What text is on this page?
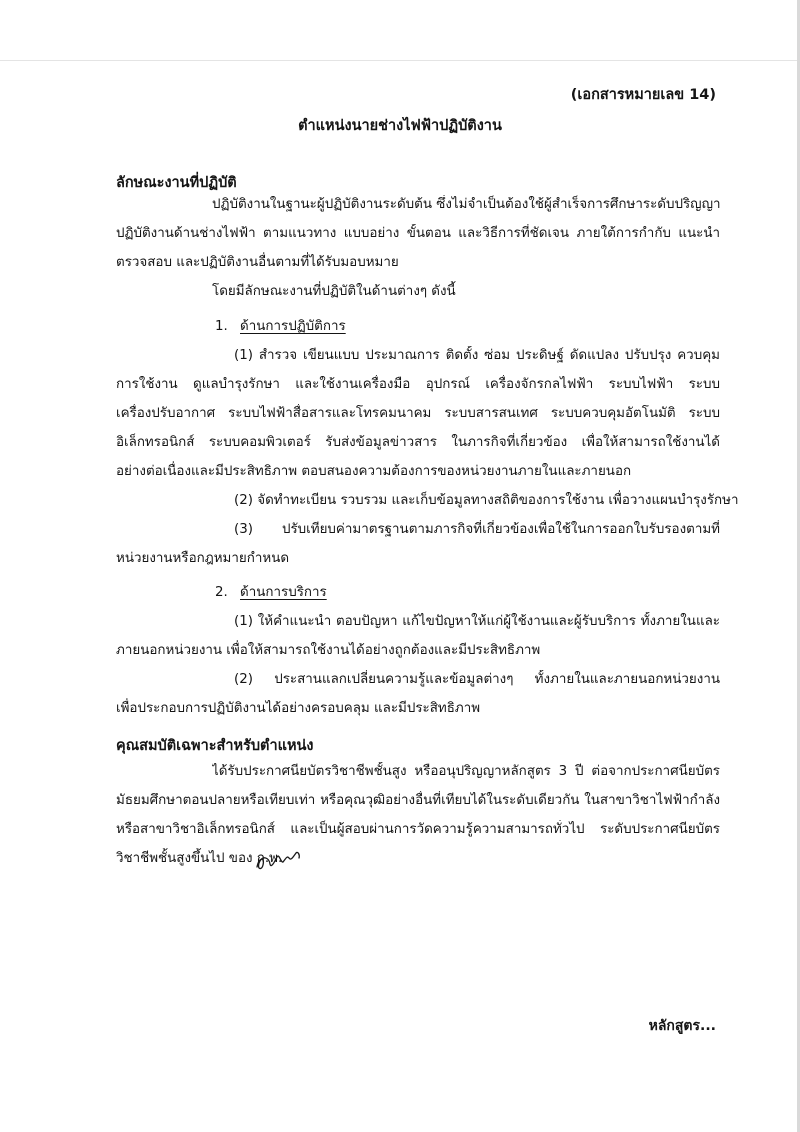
(เอกสารหมายเลข 14)
ตำแหน่งนายช่างไฟฟ้าปฏิบัติงาน
ลักษณะงานที่ปฏิบัติ
ปฏิบัติงานในฐานะผู้ปฏิบัติงานระดับต้น ซึ่งไม่จำเป็นต้องใช้ผู้สำเร็จการศึกษาระดับปริญญา
ปฏิบัติงานด้านช่างไฟฟ้า ตามแนวทาง แบบอย่าง ขั้นตอน และวิธีการที่ชัดเจน ภายใต้การกำกับ แนะนำ
ตรวจสอบ และปฏิบัติงานอื่นตามที่ได้รับมอบหมาย
โดยมีลักษณะงานที่ปฏิบัติในด้านต่างๆ ดังนี้
1. ด้านการปฏิบัติการ
(1) สำรวจ เขียนแบบ ประมาณการ ติดตั้ง ซ่อม ประดิษฐ์ ดัดแปลง ปรับปรุง ควบคุม
การใช้งาน ดูแลบำรุงรักษา และใช้งานเครื่องมือ อุปกรณ์ เครื่องจักรกลไฟฟ้า ระบบไฟฟ้า ระบบ
เครื่องปรับอากาศ ระบบไฟฟ้าสื่อสารและโทรคมนาคม ระบบสารสนเทศ ระบบควบคุมอัตโนมัติ ระบบ
อิเล็กทรอนิกส์ ระบบคอมพิวเตอร์ รับส่งข้อมูลข่าวสาร ในภารกิจที่เกี่ยวข้อง เพื่อให้สามารถใช้งานได้
อย่างต่อเนื่องและมีประสิทธิภาพ ตอบสนองความต้องการของหน่วยงานภายในและภายนอก
(2) จัดทำทะเบียน รวบรวม และเก็บข้อมูลทางสถิติของการใช้งาน เพื่อวางแผนบำรุงรักษา
(3) ปรับเทียบค่ามาตรฐานตามภารกิจที่เกี่ยวข้องเพื่อใช้ในการออกใบรับรองตามที่
หน่วยงานหรือกฎหมายกำหนด
2. ด้านการบริการ
(1) ให้คำแนะนำ ตอบปัญหา แก้ไขปัญหาให้แก่ผู้ใช้งานและผู้รับบริการ ทั้งภายในและ
ภายนอกหน่วยงาน เพื่อให้สามารถใช้งานได้อย่างถูกต้องและมีประสิทธิภาพ
(2) ประสานแลกเปลี่ยนความรู้และข้อมูลต่างๆ ทั้งภายในและภายนอกหน่วยงาน
เพื่อประกอบการปฏิบัติงานได้อย่างครอบคลุม และมีประสิทธิภาพ
คุณสมบัติเฉพาะสำหรับตำแหน่ง
ได้รับประกาศนียบัตรวิชาชีพชั้นสูง หรืออนุปริญญาหลักสูตร 3 ปี ต่อจากประกาศนียบัตร
มัธยมศึกษาตอนปลายหรือเทียบเท่า หรือคุณวุฒิอย่างอื่นที่เทียบได้ในระดับเดียวกัน ในสาขาวิชาไฟฟ้ากำลัง
หรือสาขาวิชาอิเล็กทรอนิกส์ และเป็นผู้สอบผ่านการวัดความรู้ความสามารถทั่วไป ระดับประกาศนียบัตร
วิชาชีพชั้นสูงขึ้นไป ของ ก.พ.
หลักสูตร...
